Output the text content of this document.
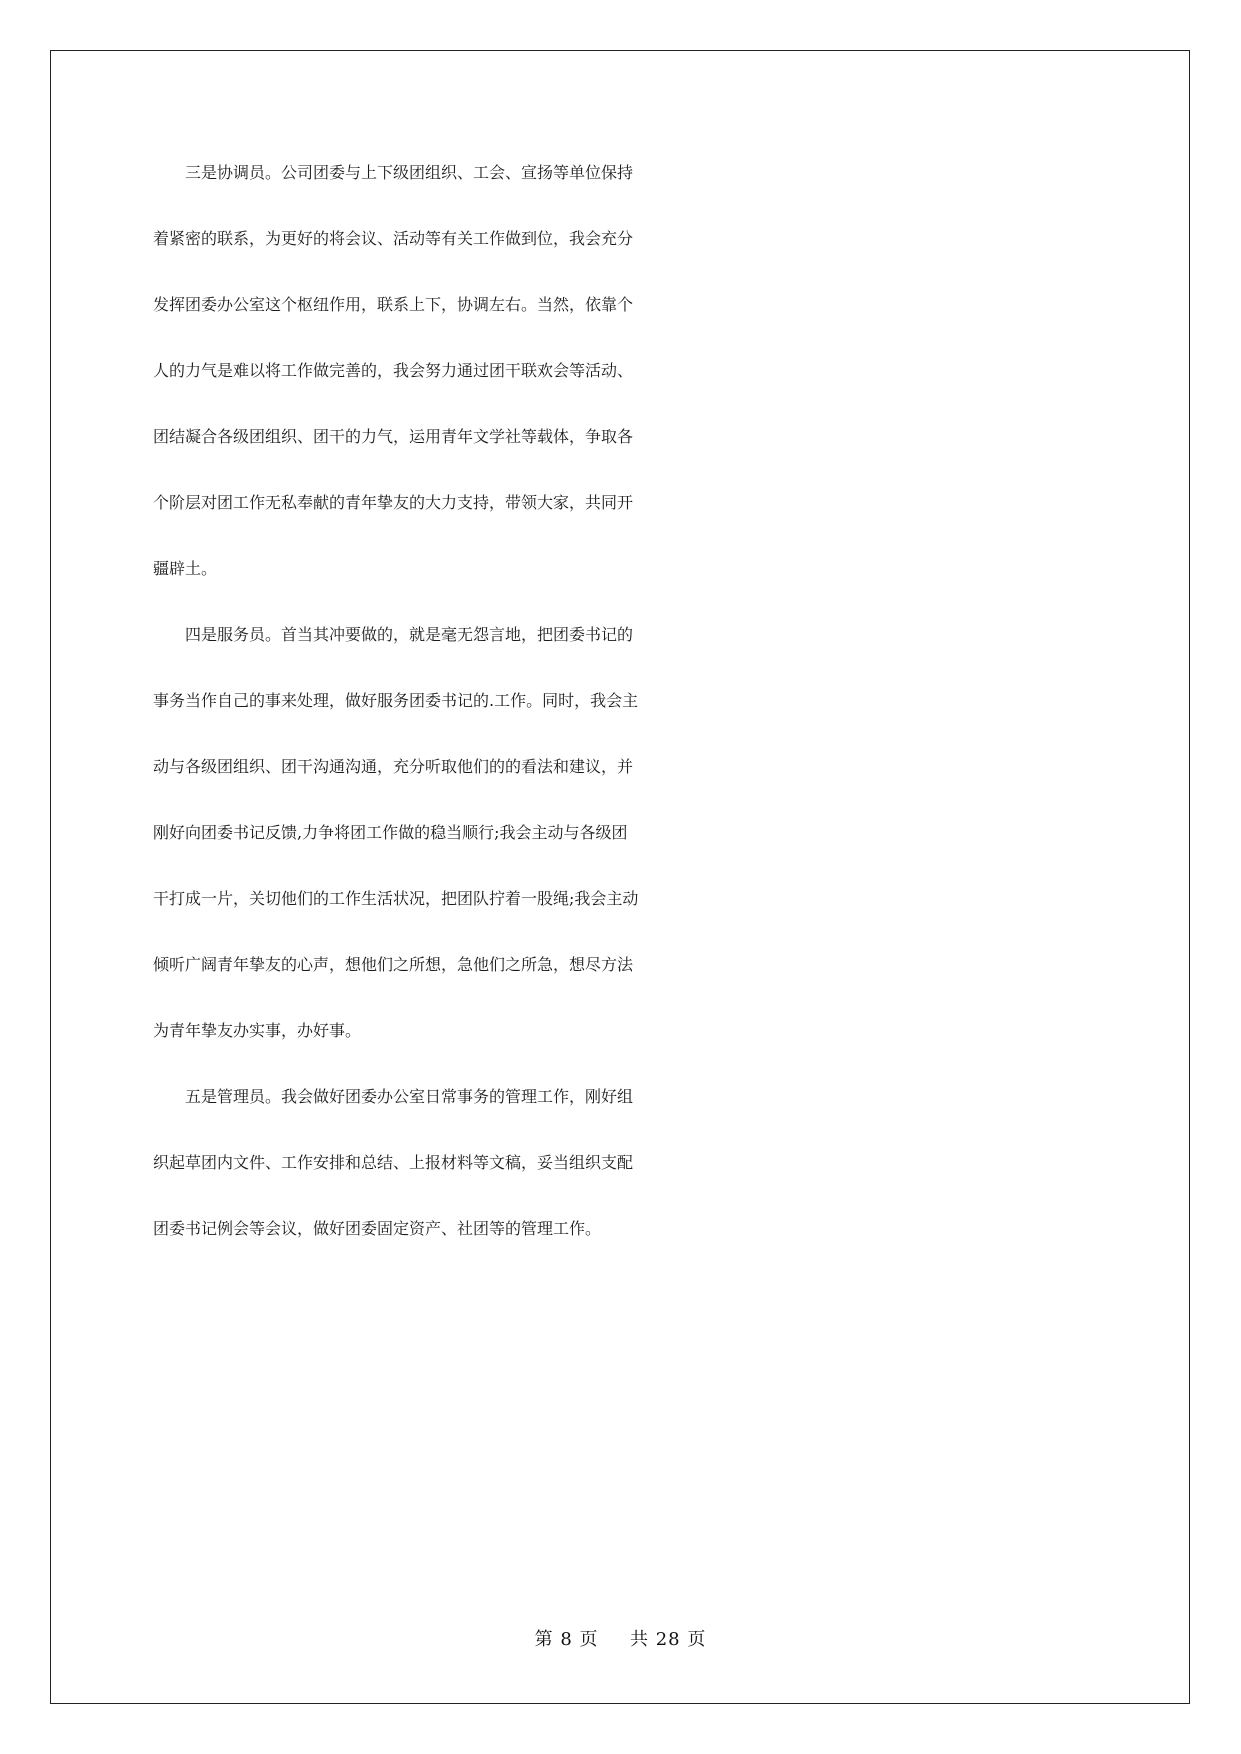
　　三是协调员。公司团委与上下级团组织、工会、宣扬等单位保持
着紧密的联系，为更好的将会议、活动等有关工作做到位，我会充分
发挥团委办公室这个枢纽作用，联系上下，协调左右。当然，依靠个
人的力气是难以将工作做完善的，我会努力通过团干联欢会等活动、
团结凝合各级团组织、团干的力气，运用青年文学社等载体，争取各
个阶层对团工作无私奉献的青年挚友的大力支持，带领大家，共同开
疆辟土。
　　四是服务员。首当其冲要做的，就是毫无怨言地，把团委书记的
事务当作自己的事来处理，做好服务团委书记的.工作。同时，我会主
动与各级团组织、团干沟通沟通，充分听取他们的的看法和建议，并
刚好向团委书记反馈,力争将团工作做的稳当顺行;我会主动与各级团
干打成一片，关切他们的工作生活状况，把团队拧着一股绳;我会主动
倾听广阔青年挚友的心声，想他们之所想，急他们之所急，想尽方法
为青年挚友办实事，办好事。
　　五是管理员。我会做好团委办公室日常事务的管理工作，刚好组
织起草团内文件、工作安排和总结、上报材料等文稿，妥当组织支配
团委书记例会等会议，做好团委固定资产、社团等的管理工作。
第 8 页 共 28 页
